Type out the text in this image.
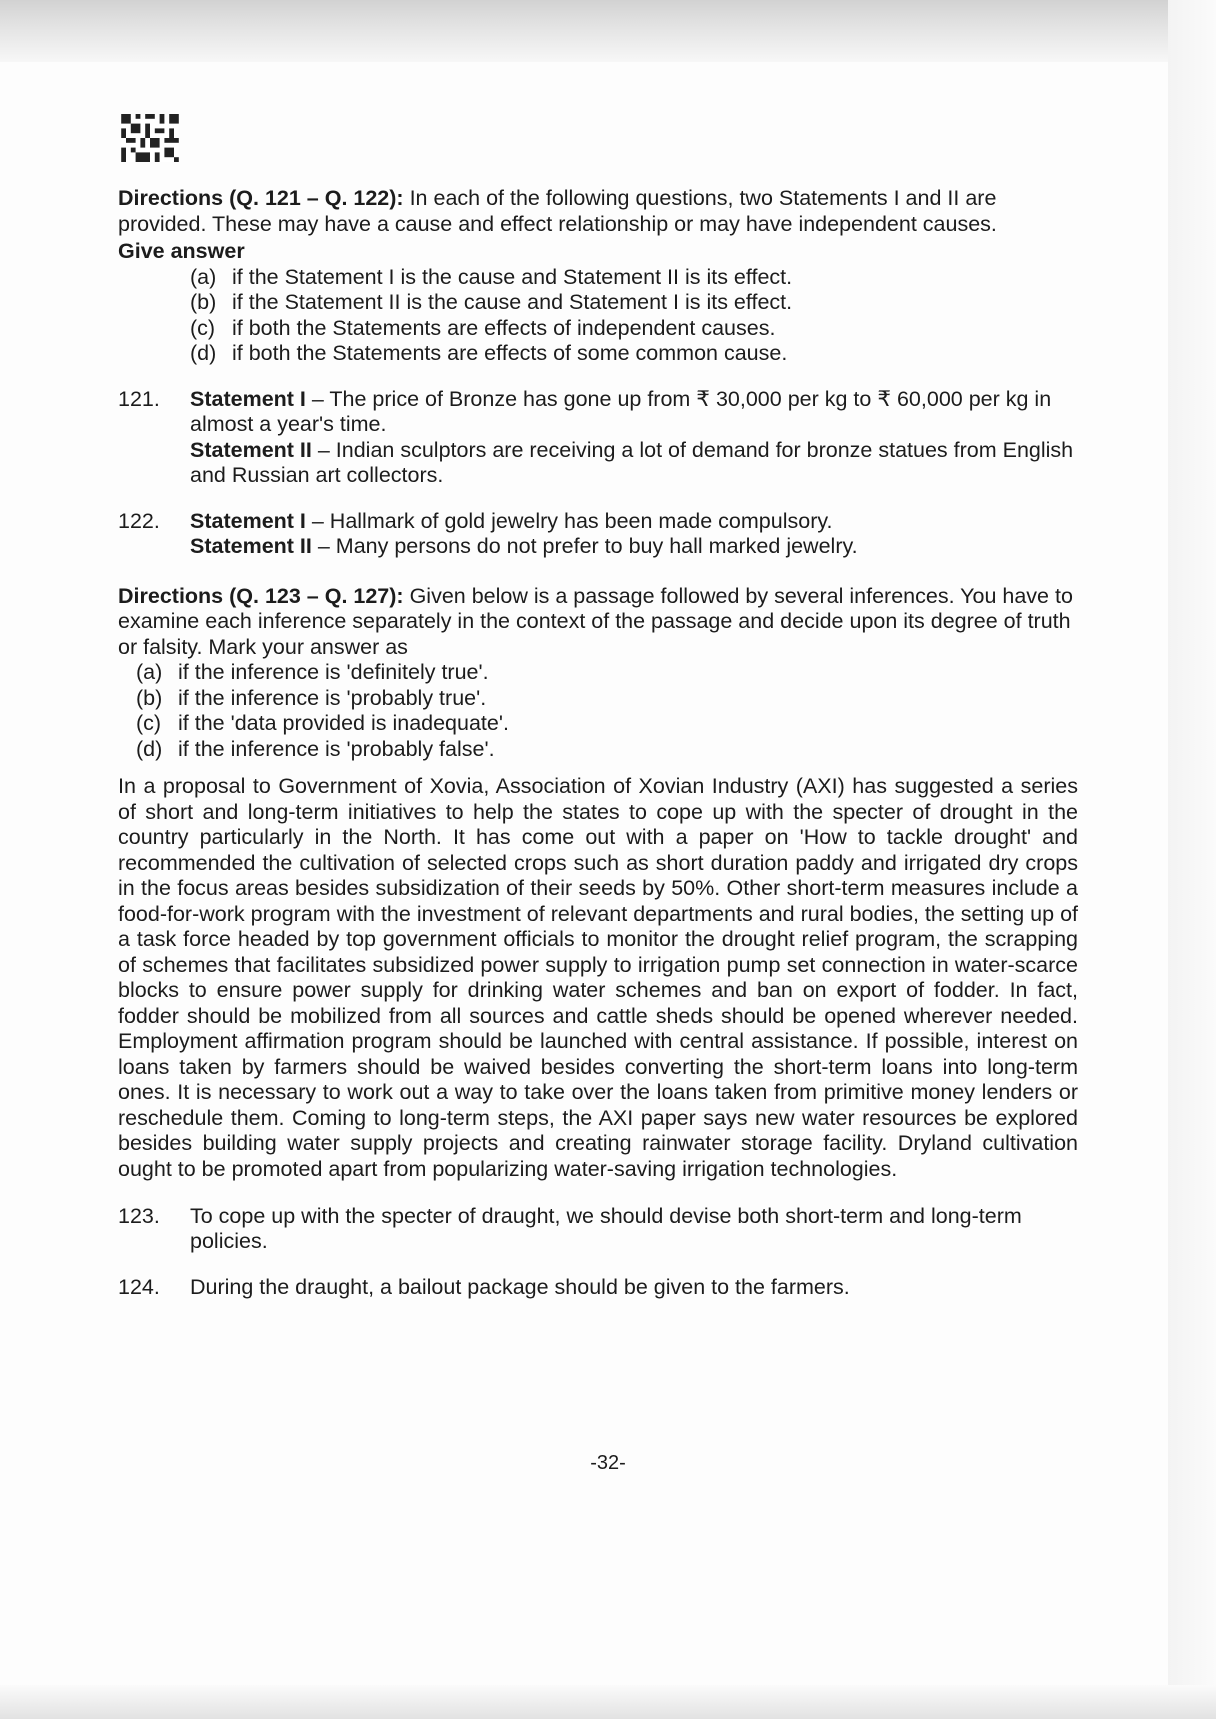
Directions (Q. 121 – Q. 122): In each of the following questions, two Statements I and II are provided. These may have a cause and effect relationship or may have independent causes.

Give answer
(a) if the Statement I is the cause and Statement II is its effect.
(b) if the Statement II is the cause and Statement I is its effect.
(c) if both the Statements are effects of independent causes.
(d) if both the Statements are effects of some common cause.
121.	Statement I – The price of Bronze has gone up from ₹ 30,000 per kg to ₹ 60,000 per kg in almost a year's time.
Statement II – Indian sculptors are receiving a lot of demand for bronze statues from English and Russian art collectors.
122.	Statement I – Hallmark of gold jewelry has been made compulsory.
Statement II – Many persons do not prefer to buy hall marked jewelry.

Directions (Q. 123 – Q. 127): Given below is a passage followed by several inferences. You have to examine each inference separately in the context of the passage and decide upon its degree of truth or falsity. Mark your answer as

(a) if the inference is 'definitely true'.
(b) if the inference is 'probably true'.
(c) if the 'data provided is inadequate'.
(d) if the inference is 'probably false'.

In a proposal to Government of Xovia, Association of Xovian Industry (AXI) has suggested a series of short and long-term initiatives to help the states to cope up with the specter of drought in the country particularly in the North. It has come out with a paper on 'How to tackle drought' and recommended the cultivation of selected crops such as short duration paddy and irrigated dry crops in the focus areas besides subsidization of their seeds by 50%. Other short-term measures include a food-for-work program with the investment of relevant departments and rural bodies, the setting up of a task force headed by top government officials to monitor the drought relief program, the scrapping of schemes that facilitates subsidized power supply to irrigation pump set connection in water-scarce blocks to ensure power supply for drinking water schemes and ban on export of fodder. In fact, fodder should be mobilized from all sources and cattle sheds should be opened wherever needed. Employment affirmation program should be launched with central assistance. If possible, interest on loans taken by farmers should be waived besides converting the short-term loans into long-term ones. It is necessary to work out a way to take over the loans taken from primitive money lenders or reschedule them. Coming to long-term steps, the AXI paper says new water resources be explored besides building water supply projects and creating rainwater storage facility. Dryland cultivation ought to be promoted apart from popularizing water-saving irrigation technologies.

123.	To cope up with the specter of draught, we should devise both short-term and long-term policies.
124.	During the draught, a bailout package should be given to the farmers.
-32-
